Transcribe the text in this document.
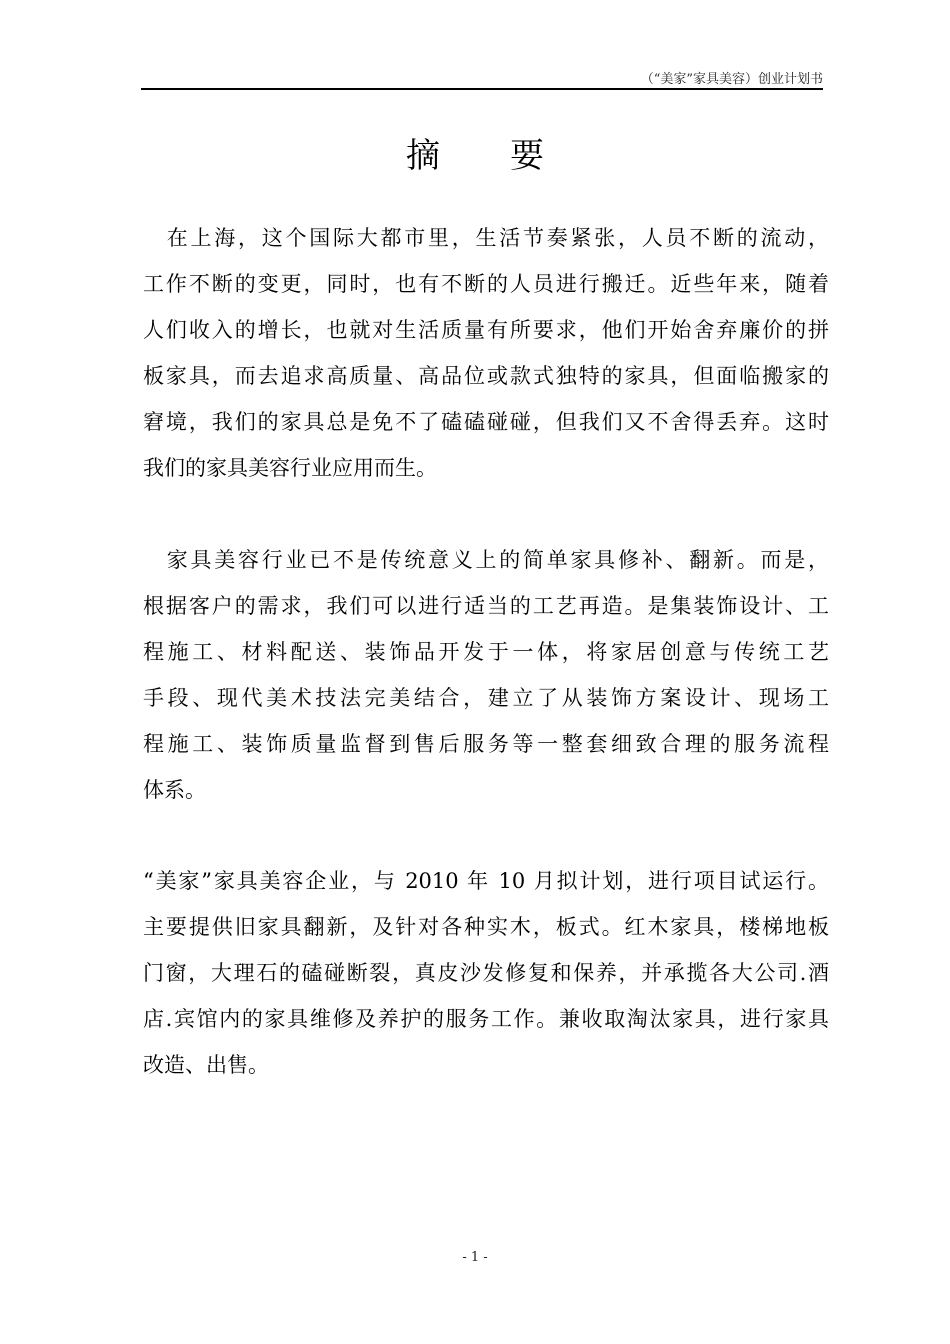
（“美家”家具美容）创业计划书
摘要
　在上海，这个国际大都市里，生活节奏紧张，人员不断的流动，
工作不断的变更，同时，也有不断的人员进行搬迁。近些年来，随着
人们收入的增长，也就对生活质量有所要求，他们开始舍弃廉价的拼
板家具，而去追求高质量、高品位或款式独特的家具，但面临搬家的
窘境，我们的家具总是免不了磕磕碰碰，但我们又不舍得丢弃。这时
我们的家具美容行业应用而生。
　家具美容行业已不是传统意义上的简单家具修补、翻新。而是，
根据客户的需求，我们可以进行适当的工艺再造。是集装饰设计、工
程施工、材料配送、装饰品开发于一体，将家居创意与传统工艺
手段、现代美术技法完美结合，建立了从装饰方案设计、现场工
程施工、装饰质量监督到售后服务等一整套细致合理的服务流程
体系。
“美家”家具美容企业，与 2010 年 10 月拟计划，进行项目试运行。
主要提供旧家具翻新，及针对各种实木，板式。红木家具，楼梯地板
门窗，大理石的磕碰断裂，真皮沙发修复和保养，并承揽各大公司.酒
店.宾馆内的家具维修及养护的服务工作。兼收取淘汰家具，进行家具
改造、出售。
- 1 -
